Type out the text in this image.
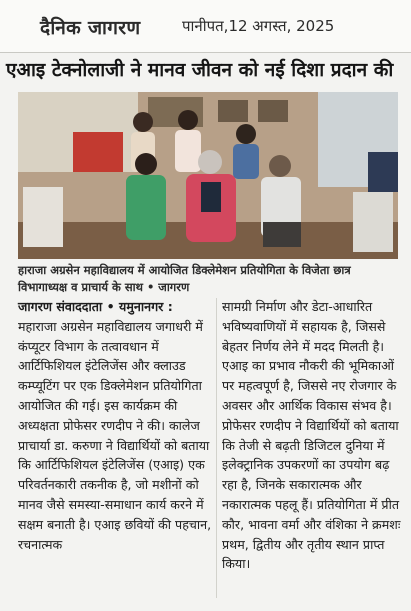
दैनिक जागरण	पानीपत,12 अगस्त, 2025
एआइ टेक्नोलाजी ने मानव जीवन को नई दिशा प्रदान की
हाराजा अग्रसेन महाविद्यालय में आयोजित डिक्लेमेशन प्रतियोगिता के विजेता छात्र विभागाध्यक्ष व प्राचार्य के साथ • जागरण

जागरण संवाददाता • यमुनानगर :

महाराजा अग्रसेन महाविद्यालय जगाधरी में कंप्यूटर विभाग के तत्वावधान में आर्टिफिशियल इंटेलिजेंस और क्लाउड कम्प्यूटिंग पर एक डिक्लेमेशन प्रतियोगिता आयोजित की गई। इस कार्यक्रम की अध्यक्षता प्रोफेसर रणदीप ने की। कालेज प्राचार्या डा. करुणा ने विद्यार्थियों को बताया कि आर्टिफिशियल इंटेलिजेंस (एआइ) एक परिवर्तनकारी तकनीक है, जो मशीनों को मानव जैसे समस्या-समाधान कार्य करने में सक्षम बनाती है। एआइ छवियों की पहचान, रचनात्मक

सामग्री निर्माण और डेटा-आधारित भविष्यवाणियों में सहायक है, जिससे बेहतर निर्णय लेने में मदद मिलती है। एआइ का प्रभाव नौकरी की भूमिकाओं पर महत्वपूर्ण है, जिससे नए रोजगार के अवसर और आर्थिक विकास संभव है। प्रोफेसर रणदीप ने विद्यार्थियों को बताया कि तेजी से बढ़ती डिजिटल दुनिया में इलेक्ट्रानिक उपकरणों का उपयोग बढ़ रहा है, जिनके सकारात्मक और नकारात्मक पहलू हैं। प्रतियोगिता में प्रीत कौर, भावना वर्मा और वंशिका ने क्रमशः प्रथम, द्वितीय और तृतीय स्थान प्राप्त किया।
